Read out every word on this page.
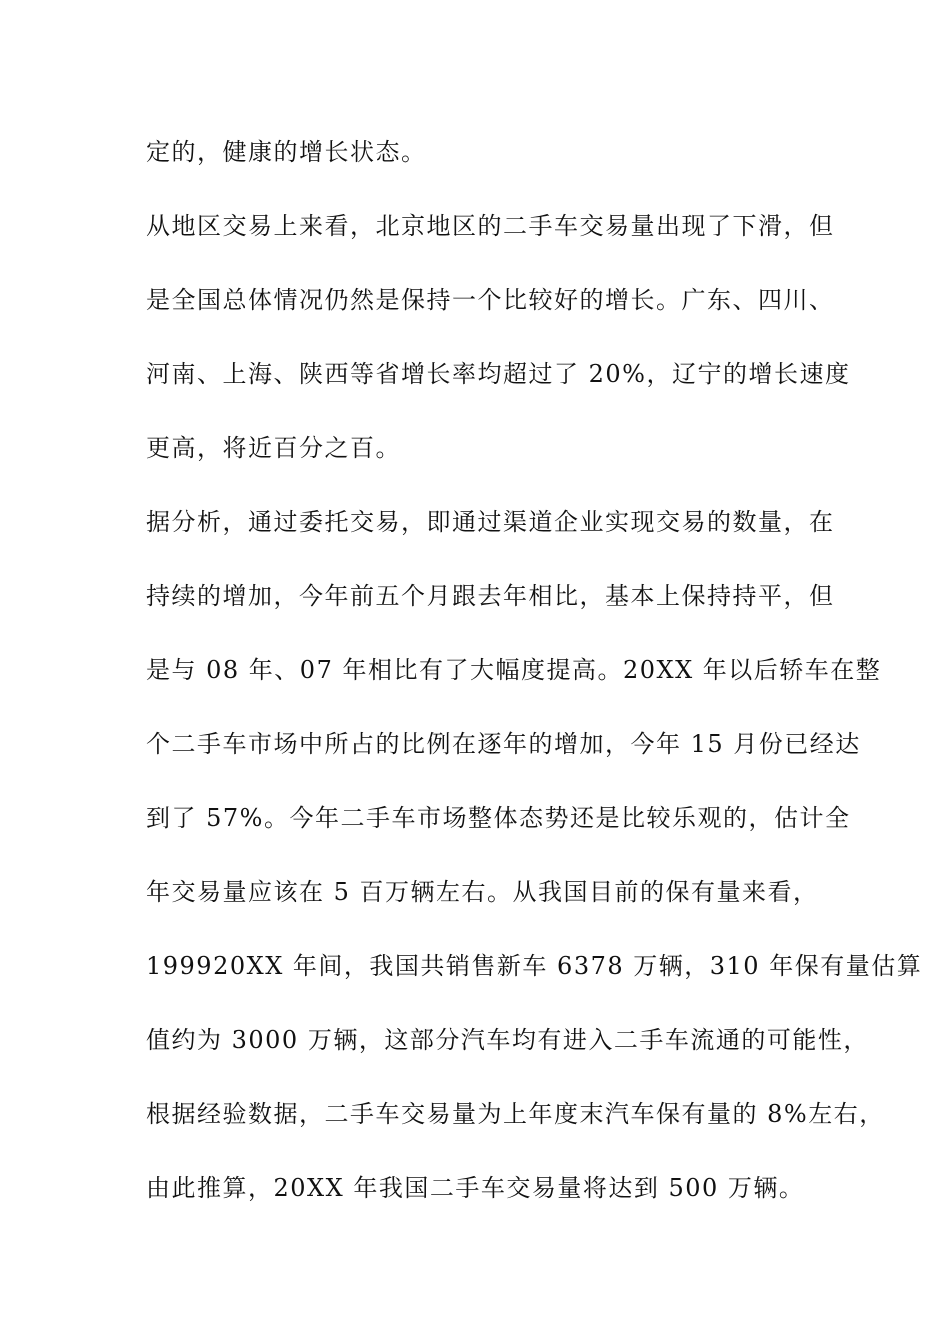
定的，健康的增长状态。

从地区交易上来看，北京地区的二手车交易量出现了下滑，但

是全国总体情况仍然是保持一个比较好的增长。广东、四川、

河南、上海、陕西等省增长率均超过了 20%，辽宁的增长速度

更高，将近百分之百。

据分析，通过委托交易，即通过渠道企业实现交易的数量，在

持续的增加，今年前五个月跟去年相比，基本上保持持平，但

是与 08 年、07 年相比有了大幅度提高。20XX 年以后轿车在整

个二手车市场中所占的比例在逐年的增加，今年 15 月份已经达

到了 57%。今年二手车市场整体态势还是比较乐观的，估计全

年交易量应该在 5 百万辆左右。从我国目前的保有量来看，

199920XX 年间，我国共销售新车 6378 万辆，310 年保有量估算

值约为 3000 万辆，这部分汽车均有进入二手车流通的可能性，

根据经验数据，二手车交易量为上年度末汽车保有量的 8%左右，

由此推算，20XX 年我国二手车交易量将达到 500 万辆。
